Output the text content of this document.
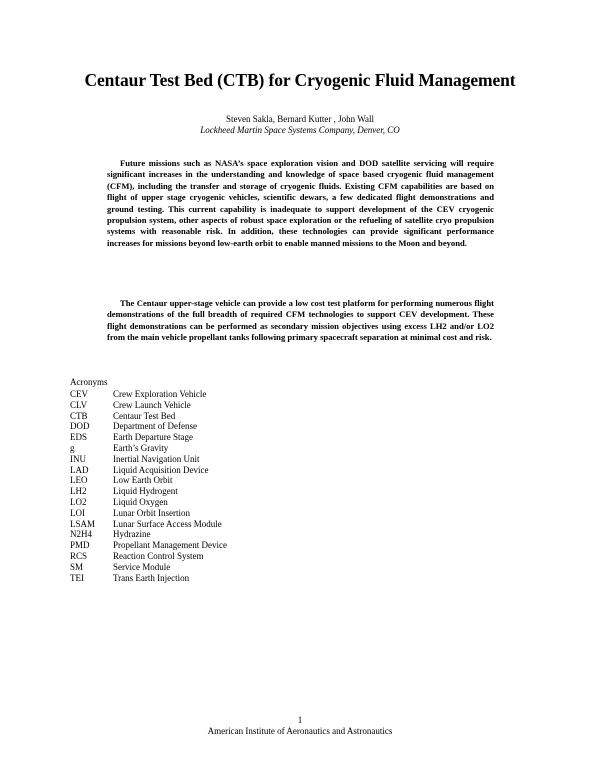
Centaur Test Bed (CTB) for Cryogenic Fluid Management
Steven Sakla, Bernard Kutter , John Wall
Lockheed Martin Space Systems Company, Denver, CO

Future missions such as NASA’s space exploration vision and DOD satellite servicing will require significant increases in the understanding and knowledge of space based cryogenic fluid management (CFM), including the transfer and storage of cryogenic fluids. Existing CFM capabilities are based on flight of upper stage cryogenic vehicles, scientific dewars, a few dedicated flight demonstrations and ground testing. This current capability is inadequate to support development of the CEV cryogenic propulsion system, other aspects of robust space exploration or the refueling of satellite cryo propulsion systems with reasonable risk. In addition, these technologies can provide significant performance increases for missions beyond low-earth orbit to enable manned missions to the Moon and beyond.

The Centaur upper-stage vehicle can provide a low cost test platform for performing numerous flight demonstrations of the full breadth of required CFM technologies to support CEV development. These flight demonstrations can be performed as secondary mission objectives using excess LH2 and/or LO2 from the main vehicle propellant tanks following primary spacecraft separation at minimal cost and risk.

Acronyms
CEV	Crew Exploration Vehicle
CLV	Crew Launch Vehicle
CTB	Centaur Test Bed
DOD	Department of Defense
EDS	Earth Departure Stage
g	Earth’s Gravity
INU	Inertial Navigation Unit
LAD	Liquid Acquisition Device
LEO	Low Earth Orbit
LH2	Liquid Hydrogent
LO2	Liquid Oxygen
LOI	Lunar Orbit Insertion
LSAM	Lunar Surface Access Module
N2H4	Hydrazine
PMD	Propellant Management Device
RCS	Reaction Control System
SM	Service Module
TEI	Trans Earth Injection
1
American Institute of Aeronautics and Astronautics
